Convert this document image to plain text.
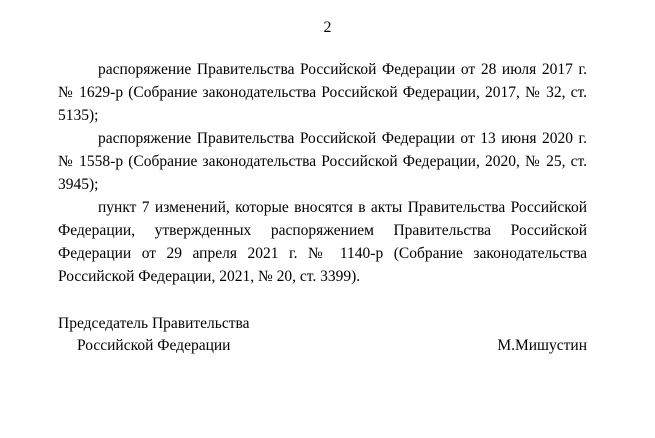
2

распоряжение Правительства Российской Федерации от 28 июля 2017 г. № 1629-р (Собрание законодательства Российской Федерации, 2017, № 32, ст. 5135);

распоряжение Правительства Российской Федерации от 13 июня 2020 г. № 1558-р (Собрание законодательства Российской Федерации, 2020, № 25, ст. 3945);

пункт 7 изменений, которые вносятся в акты Правительства Российской Федерации, утвержденных распоряжением Правительства Российской Федерации от 29 апреля 2021 г. № 1140-р (Собрание законодательства Российской Федерации, 2021, № 20, ст. 3399).

Председатель Правительства
Российской Федерации	М.Мишустин
